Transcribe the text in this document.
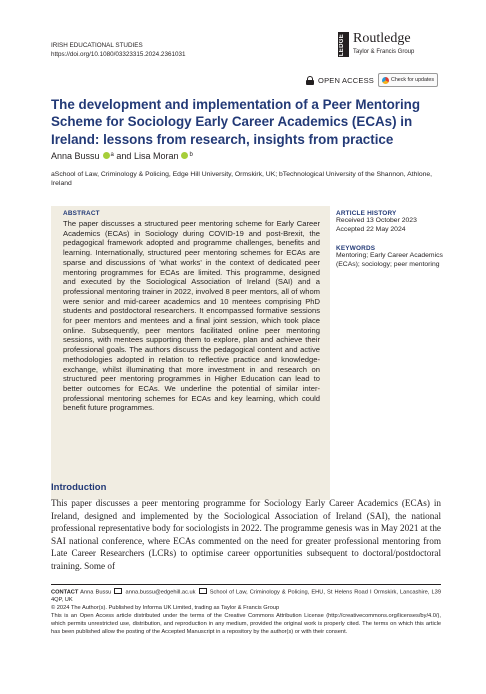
IRISH EDUCATIONAL STUDIES
https://doi.org/10.1080/03323315.2024.2361031	ROUTLEDGE Routledge
Taylor & Francis Group
OPEN ACCESS	Check for updates
The development and implementation of a Peer Mentoring Scheme for Sociology Early Career Academics (ECAs) in Ireland: lessons from research, insights from practice
Anna Bussu $^a$ and Lisa Moran $^b$
aSchool of Law, Criminology & Policing, Edge Hill University, Ormskirk, UK; bTechnological University of the Shannon, Athlone, Ireland
ABSTRACT
The paper discusses a structured peer mentoring scheme for Early Career Academics (ECAs) in Sociology during COVID-19 and post-Brexit, the pedagogical framework adopted and programme challenges, benefits and learning. Internationally, structured peer mentoring schemes for ECAs are sparse and discussions of 'what works' in the context of dedicated peer mentoring programmes for ECAs are limited. This programme, designed and executed by the Sociological Association of Ireland (SAI) and a professional mentoring trainer in 2022, involved 8 peer mentors, all of whom were senior and mid-career academics and 10 mentees comprising PhD students and postdoctoral researchers. It encompassed formative sessions for peer mentors and mentees and a final joint session, which took place online. Subsequently, peer mentors facilitated online peer mentoring sessions, with mentees supporting them to explore, plan and achieve their professional goals. The authors discuss the pedagogical content and active methodologies adopted in relation to reflective practice and knowledge-exchange, whilst illuminating that more investment in and research on structured peer mentoring programmes in Higher Education can lead to better outcomes for ECAs. We underline the potential of similar inter-professional mentoring schemes for ECAs and key learning, which could benefit future programmes.
ARTICLE HISTORY
Received 13 October 2023
Accepted 22 May 2024
KEYWORDS
Mentoring; Early Career Academics (ECAs); sociology; peer mentoring
Introduction
This paper discusses a peer mentoring programme for Sociology Early Career Academics (ECAs) in Ireland, designed and implemented by the Sociological Association of Ireland (SAI), the national professional representative body for sociologists in 2022. The programme genesis was in May 2021 at the SAI national conference, where ECAs commented on the need for greater professional mentoring from Late Career Researchers (LCRs) to optimise career opportunities subsequent to doctoral/postdoctoral training. Some of
CONTACT Anna Bussu anna.bussu@edgehill.ac.uk School of Law, Criminology & Policing, EHU, St Helens Road I Ormskirk, Lancashire, L39 4QP, UK
© 2024 The Author(s). Published by Informa UK Limited, trading as Taylor & Francis Group
This is an Open Access article distributed under the terms of the Creative Commons Attribution License (http://creativecommons.org/licenses/by/4.0/), which permits unrestricted use, distribution, and reproduction in any medium, provided the original work is properly cited. The terms on which this article has been published allow the posting of the Accepted Manuscript in a repository by the author(s) or with their consent.
